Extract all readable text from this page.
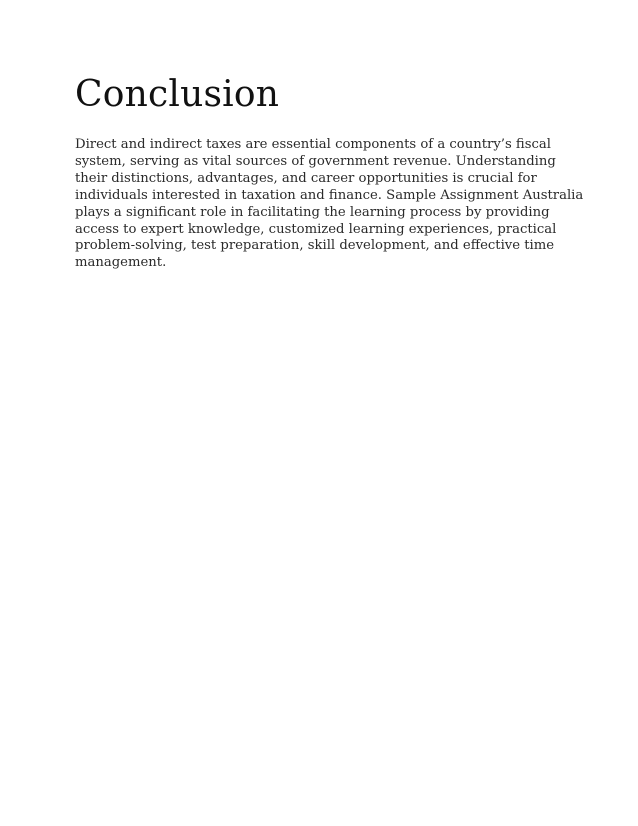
Conclusion

Direct and indirect taxes are essential components of a country’s fiscal
system, serving as vital sources of government revenue. Understanding
their distinctions, advantages, and career opportunities is crucial for
individuals interested in taxation and finance. Sample Assignment Australia
plays a significant role in facilitating the learning process by providing
access to expert knowledge, customized learning experiences, practical
problem-solving, test preparation, skill development, and effective time
management.
